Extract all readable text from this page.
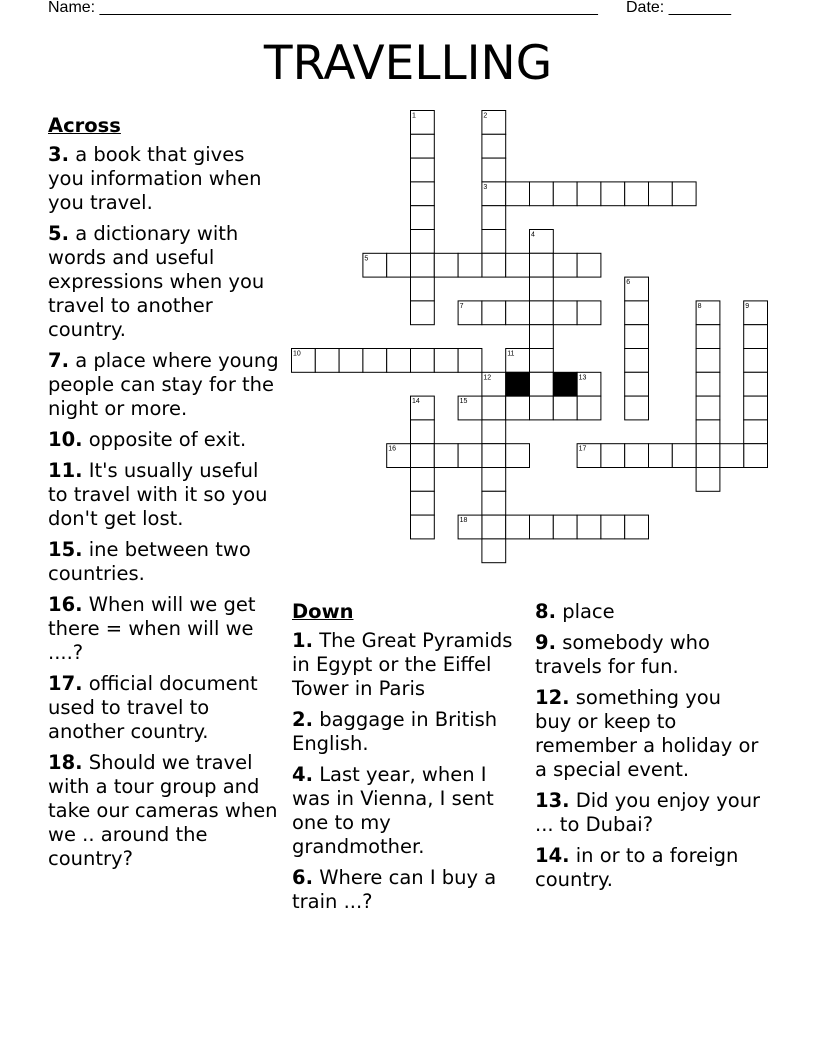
Name: ________________________________________________________ Date: _______
TRAVELLING
1	2
3
4
5
6
7	8	9
10	11
12	13
14	15
16	17
18
Across
3. a book that gives you information when you travel.
5. a dictionary with words and useful expressions when you travel to another country.
7. a place where young people can stay for the night or more.
10. opposite of exit.
11. It's usually useful to travel with it so you don't get lost.
15. ine between two countries.
16. When will we get there = when will we ....?
17. official document used to travel to another country.
18. Should we travel with a tour group and take our cameras when we .. around the country?
Down
1. The Great Pyramids in Egypt or the Eiffel Tower in Paris
2. baggage in British English.
4. Last year, when I was in Vienna, I sent one to my grandmother.
6. Where can I buy a train ...?
8. place
9. somebody who travels for fun.
12. something you buy or keep to remember a holiday or a special event.
13. Did you enjoy your ... to Dubai?
14. in or to a foreign country.
